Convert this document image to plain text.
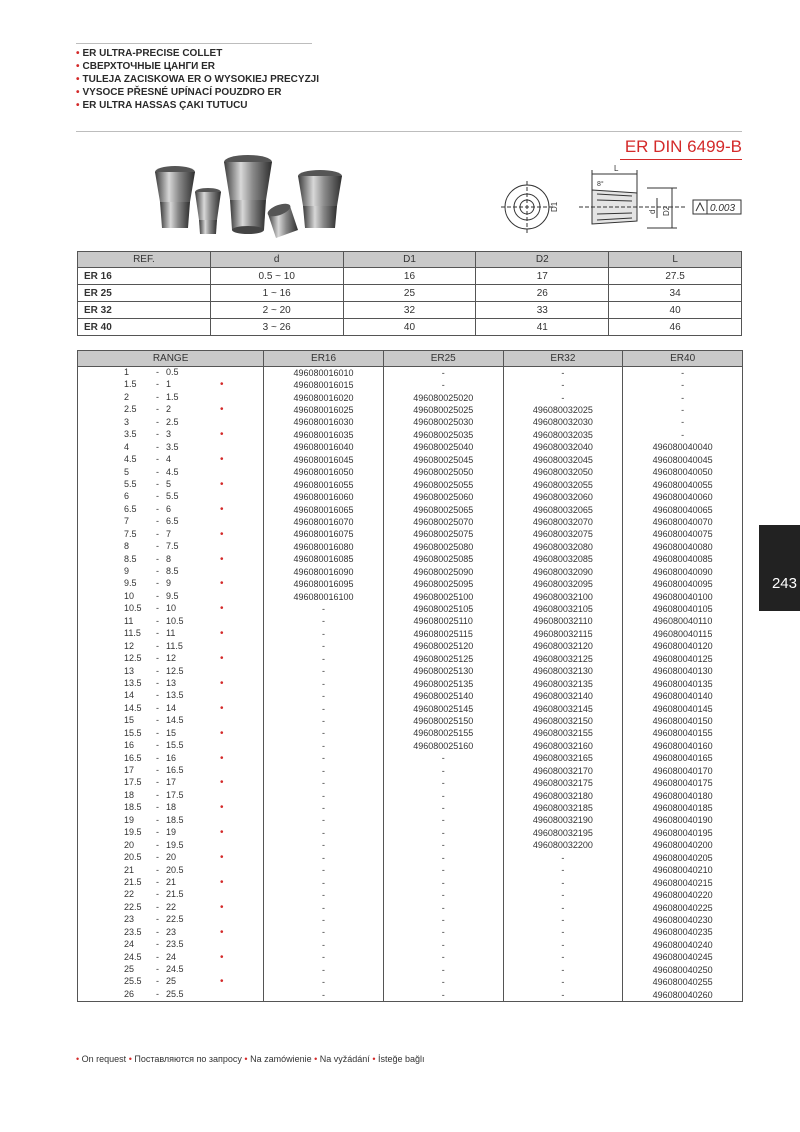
• ER ULTRA-PRECISE COLLET
• СВЕРХТОЧНЫЕ ЦАНГИ ER
• TULEJA ZACISKOWA ER O WYSOKIEJ PRECYZJI
• VYSOCE PŘESNÉ UPÍNACÍ POUZDRO ER
• ER ULTRA HASSAS ÇAKI TUTUCU
ER DIN 6499-B
D1
L
8°
d D2	0.003
REF.	d	D1	D2	L
ER 16	0.5 ~ 10	16	17	27.5
ER 25	1 ~ 16	25	26	34
ER 32	2 ~ 20	32	33	40
ER 40	3 ~ 26	40	41	46
RANGE	ER16	ER25	ER32	ER40

1 - 0.5	496080016010	-	-	-

1.5 - 1 •	496080016015	-	-	-

2 - 1.5	496080016020	496080025020	-	-

2.5 - 2 •	496080016025	496080025025	496080032025	-

3 - 2.5	496080016030	496080025030	496080032030	-

3.5 - 3 •	496080016035	496080025035	496080032035	-

4 - 3.5	496080016040	496080025040	496080032040	496080040040

4.5 - 4 •	496080016045	496080025045	496080032045	496080040045

5 - 4.5	496080016050	496080025050	496080032050	496080040050

5.5 - 5 •	496080016055	496080025055	496080032055	496080040055

6 - 5.5	496080016060	496080025060	496080032060	496080040060

6.5 - 6 •	496080016065	496080025065	496080032065	496080040065

7 - 6.5	496080016070	496080025070	496080032070	496080040070

7.5 - 7 •	496080016075	496080025075	496080032075	496080040075

8 - 7.5	496080016080	496080025080	496080032080	496080040080

8.5 - 8 •	496080016085	496080025085	496080032085	496080040085

9 - 8.5	496080016090	496080025090	496080032090	496080040090

9.5 - 9 •	496080016095	496080025095	496080032095	496080040095

10 - 9.5	496080016100	496080025100	496080032100	496080040100

10.5 - 10 •	-	496080025105	496080032105	496080040105

11 - 10.5	-	496080025110	496080032110	496080040110

11.5 - 11 •	-	496080025115	496080032115	496080040115

12 - 11.5	-	496080025120	496080032120	496080040120

12.5 - 12 •	-	496080025125	496080032125	496080040125

13 - 12.5	-	496080025130	496080032130	496080040130

13.5 - 13 •	-	496080025135	496080032135	496080040135

14 - 13.5	-	496080025140	496080032140	496080040140

14.5 - 14 •	-	496080025145	496080032145	496080040145

15 - 14.5	-	496080025150	496080032150	496080040150

15.5 - 15 •	-	496080025155	496080032155	496080040155

16 - 15.5	-	496080025160	496080032160	496080040160

16.5 - 16 •	-	-	496080032165	496080040165

17 - 16.5	-	-	496080032170	496080040170

17.5 - 17 •	-	-	496080032175	496080040175

18 - 17.5	-	-	496080032180	496080040180

18.5 - 18 •	-	-	496080032185	496080040185

19 - 18.5	-	-	496080032190	496080040190

19.5 - 19 •	-	-	496080032195	496080040195

20 - 19.5	-	-	496080032200	496080040200

20.5 - 20 •	-	-	-	496080040205

21 - 20.5	-	-	-	496080040210

21.5 - 21 •	-	-	-	496080040215

22 - 21.5	-	-	-	496080040220

22.5 - 22 •	-	-	-	496080040225

23 - 22.5	-	-	-	496080040230

23.5 - 23 •	-	-	-	496080040235

24 - 23.5	-	-	-	496080040240

24.5 - 24 •	-	-	-	496080040245

25 - 24.5	-	-	-	496080040250

25.5 - 25 •	-	-	-	496080040255

26 - 25.5	-	-	-	496080040260
243
• On request • Поставляются по запросу • Na zamówienie • Na vyžádání • İsteğe bağlı
